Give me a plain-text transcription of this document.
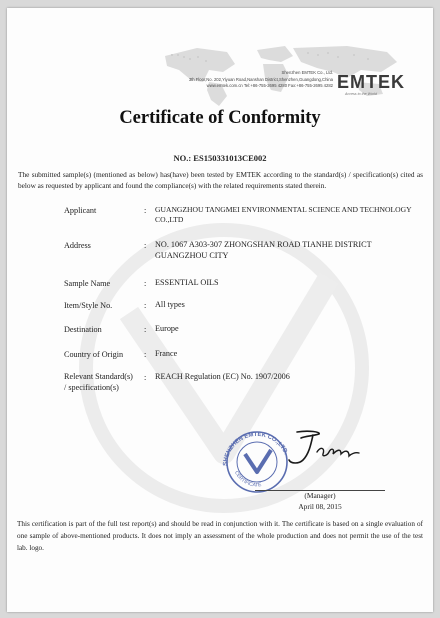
Shenzhen EMTEK Co., Ltd.
3th Floor,No. 202,Yiyuan Road,Nanshan District,Shenzhen,Guangdong,China
www.emtek.com.cn Tel:+86-755-2695 4280 Fax:+86-755-2695 4282 EMTEK
Access to the World
Certificate of Conformity
NO.: ES150331013CE002
The submitted sample(s) (mentioned as below) has(have) been tested by EMTEK according to the standard(s) / specification(s) cited as below as requested by applicant and found the compliance(s) with the related requirements stated therein.
Applicant	: GUANGZHOU TANGMEI ENVIRONMENTAL SCIENCE AND TECHNOLOGY CO.,LTD
Address	: NO. 1067 A303-307 ZHONGSHAN ROAD TIANHE DISTRICT GUANGZHOU CITY
Sample Name	: ESSENTIAL OILS
Item/Style No.	: All types
Destination	: Europe
Country of Origin	: France
Relevant Standard(s) / specification(s)
: REACH Regulation (EC) No. 1907/2006
SHENZHEN EMTEK CO.,LTD.
CERTIFICATE
(Manager)
April 08, 2015
This certification is part of the full test report(s) and should be read in conjunction with it. The certificate is based on a single evaluation of one sample of above-mentioned products. It does not imply an assessment of the whole production and does not permit the use of the test lab. logo.
